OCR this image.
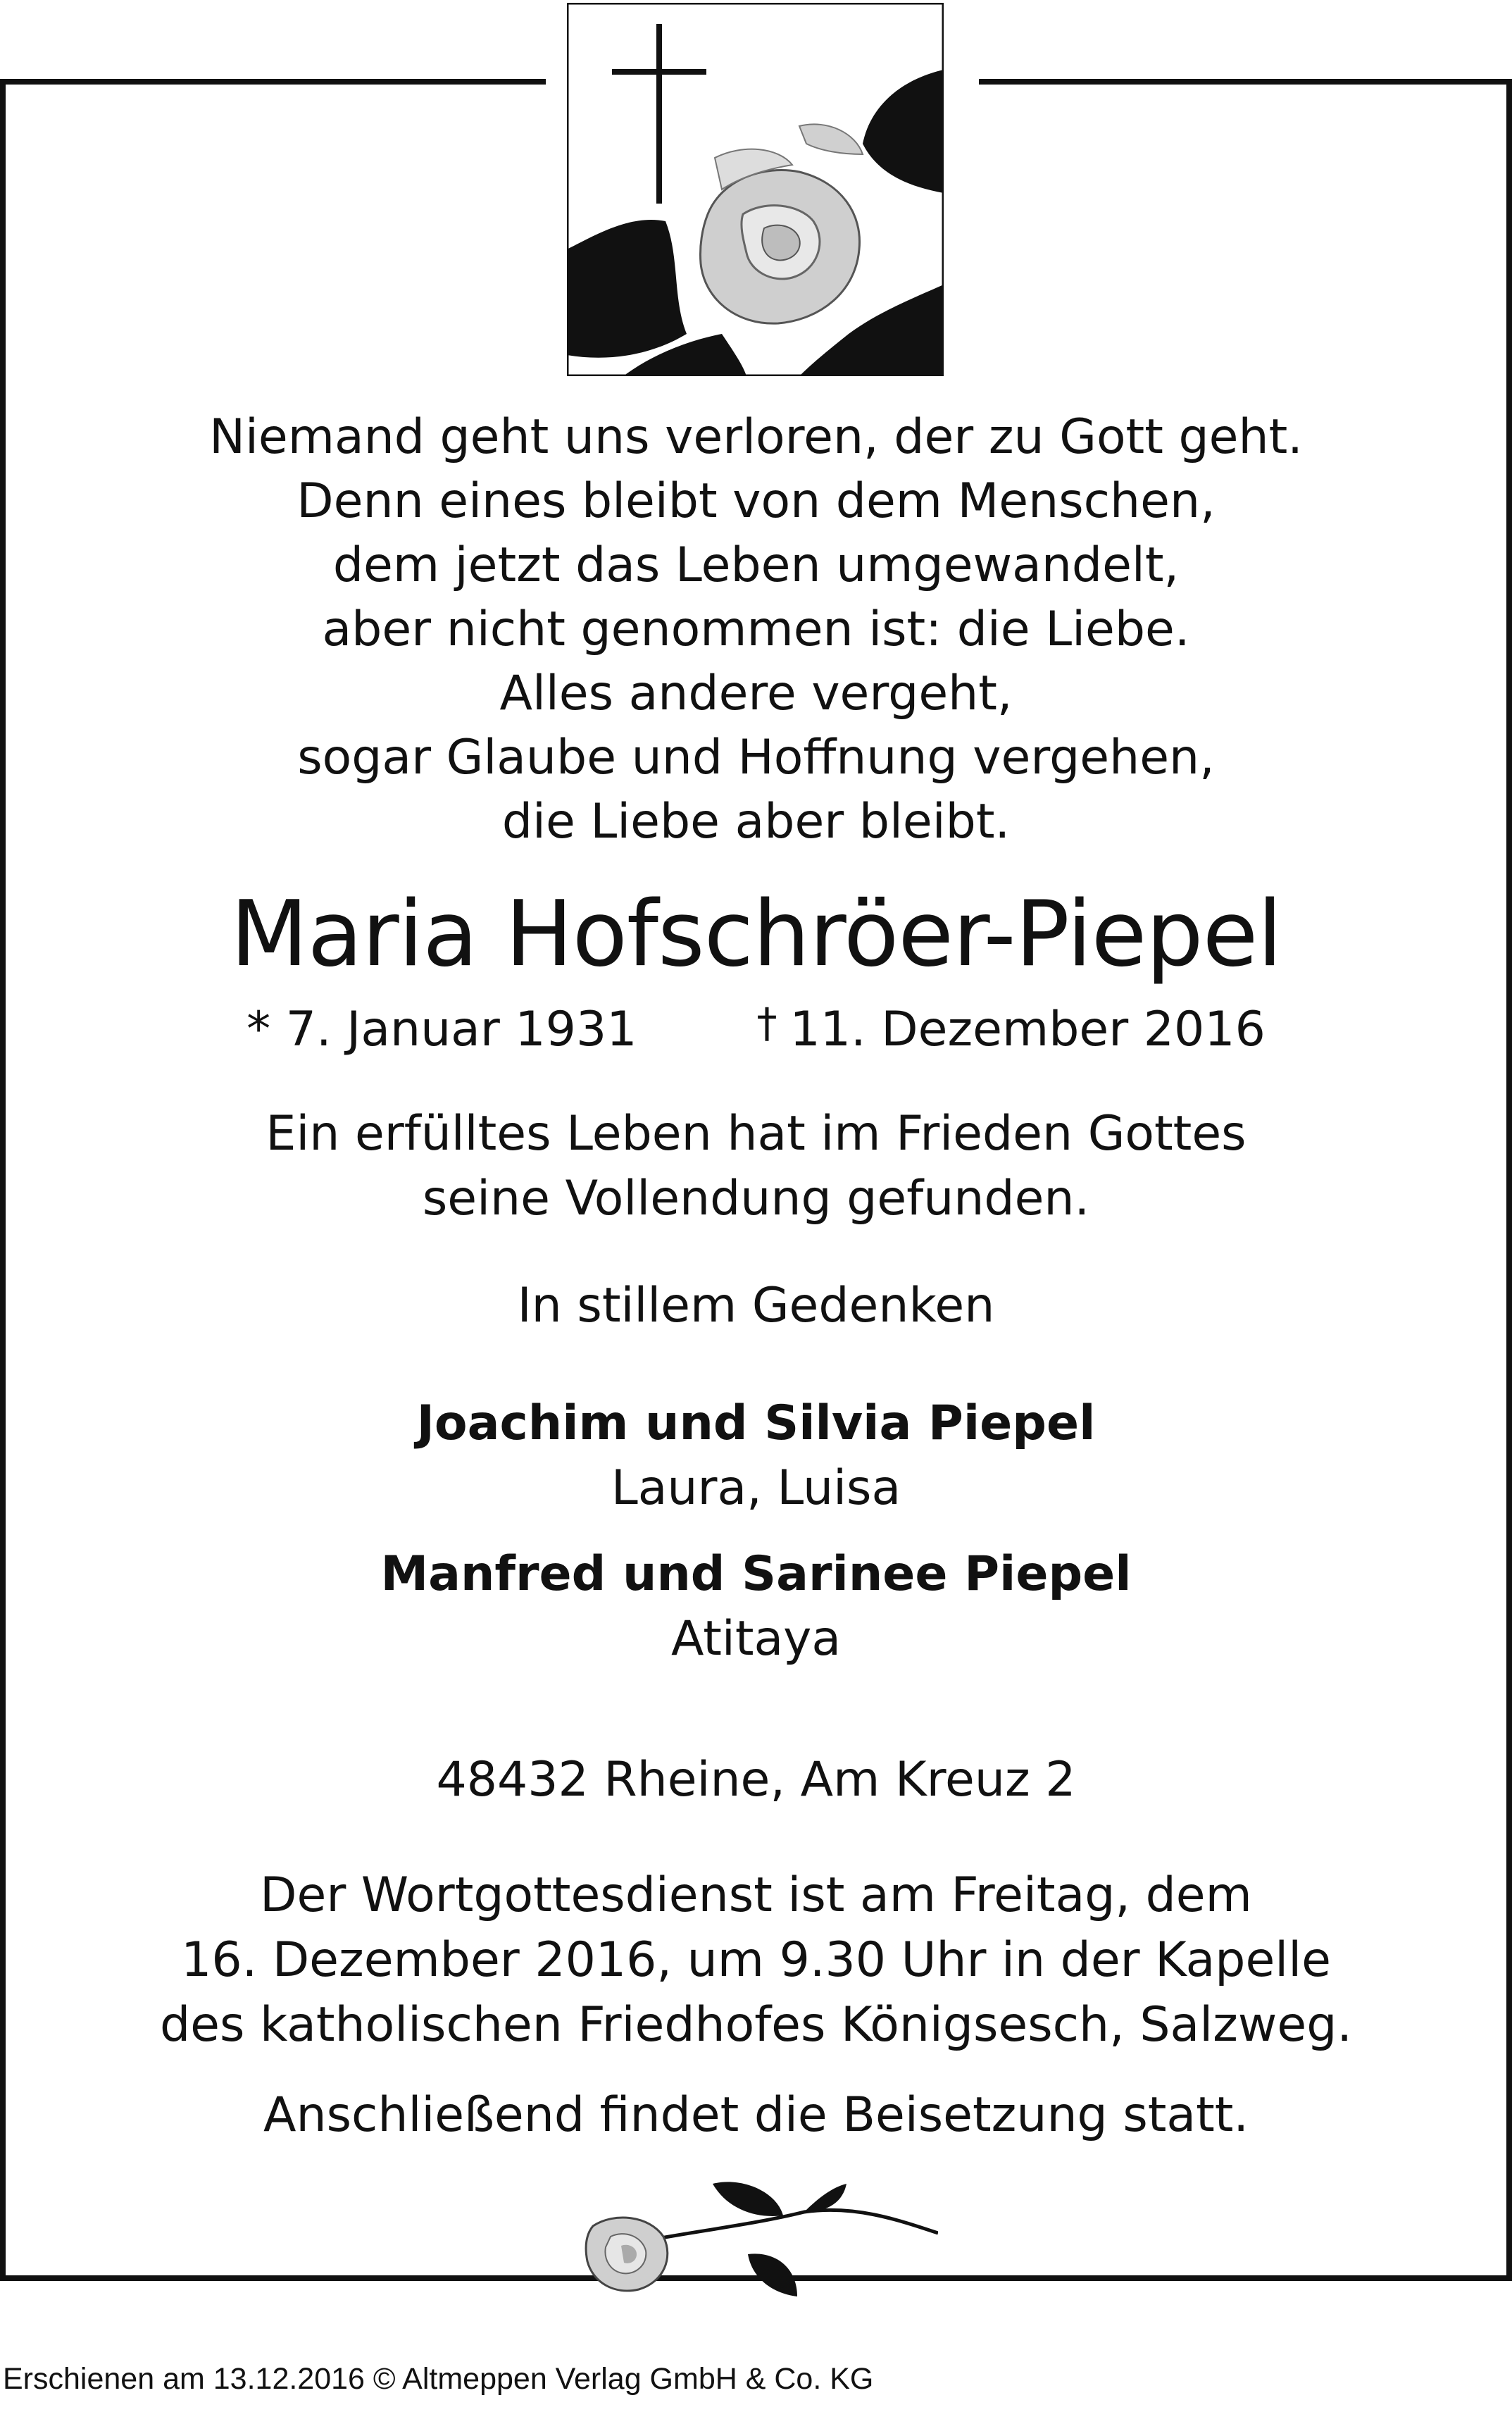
Niemand geht uns verloren, der zu Gott geht.

Denn eines bleibt von dem Menschen,

dem jetzt das Leben umgewandelt,

aber nicht genommen ist: die Liebe.

Alles andere vergeht,

sogar Glaube und Hoffnung vergehen,

die Liebe aber bleibt.

Maria Hofschröer-Piepel
* 7. Januar 1931	† 11. Dezember 2016

Ein erfülltes Leben hat im Frieden Gottes

seine Vollendung gefunden.

In stillem Gedenken

Joachim und Silvia Piepel

Laura, Luisa

Manfred und Sarinee Piepel

Atitaya

48432 Rheine, Am Kreuz 2

Der Wortgottesdienst ist am Freitag, dem

16. Dezember 2016, um 9.30 Uhr in der Kapelle

des katholischen Friedhofes Königsesch, Salzweg.

Anschließend findet die Beisetzung statt.

Erschienen am 13.12.2016 © Altmeppen Verlag GmbH & Co. KG
